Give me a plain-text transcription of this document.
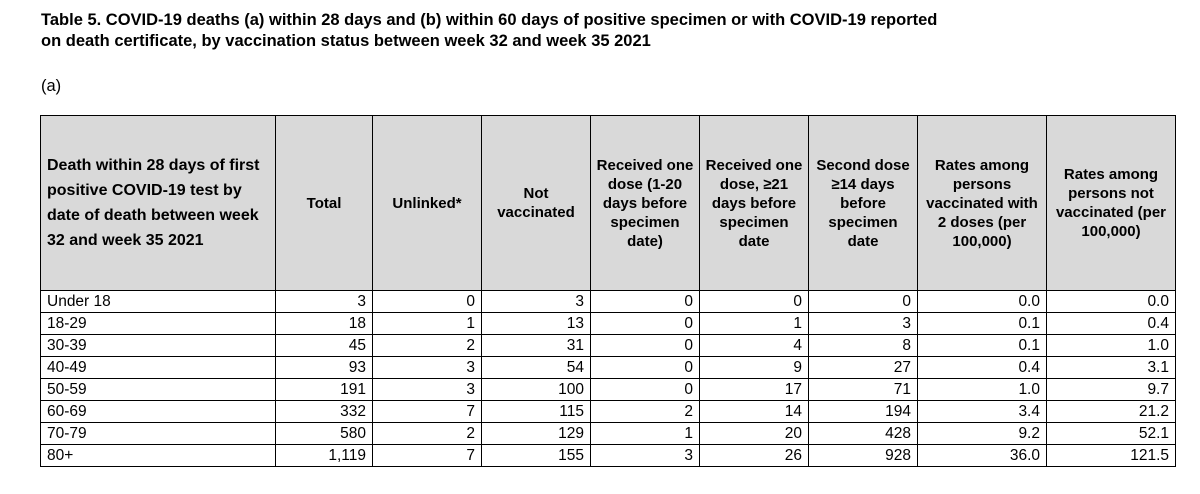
Table 5. COVID-19 deaths (a) within 28 days and (b) within 60 days of positive specimen or with COVID-19 reported
on death certificate, by vaccination status between week 32 and week 35 2021
(a)
Death within 28 days of first positive COVID-19 test by date of death between week 32 and week 35 2021	Total	Unlinked*	Not vaccinated	Received one dose (1-20 days before specimen date)	Received one dose, ≥21 days before specimen date	Second dose ≥14 days before specimen date	Rates among persons vaccinated with 2 doses (per 100,000)	Rates among persons not vaccinated (per 100,000)
Under 18	3	0	3	0	0	0	0.0	0.0
18-29	18	1	13	0	1	3	0.1	0.4
30-39	45	2	31	0	4	8	0.1	1.0
40-49	93	3	54	0	9	27	0.4	3.1
50-59	191	3	100	0	17	71	1.0	9.7
60-69	332	7	115	2	14	194	3.4	21.2
70-79	580	2	129	1	20	428	9.2	52.1
80+	1,119	7	155	3	26	928	36.0	121.5
